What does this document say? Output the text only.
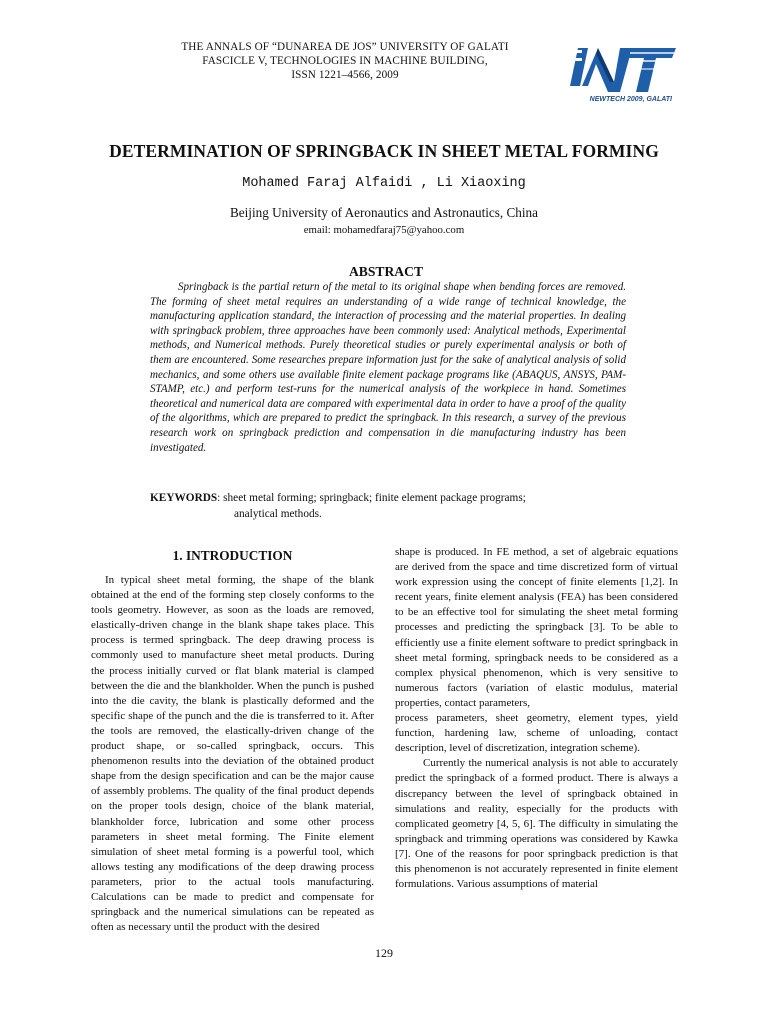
THE ANNALS OF “DUNAREA DE JOS” UNIVERSITY OF GALATI
FASCICLE V, TECHNOLOGIES IN MACHINE BUILDING,
ISSN 1221–4566, 2009
NEWTECH 2009, GALATI
DETERMINATION OF SPRINGBACK IN SHEET METAL FORMING
Mohamed Faraj Alfaidi , Li Xiaoxing
Beijing University of Aeronautics and Astronautics, China
email: mohamedfaraj75@yahoo.com
ABSTRACT
Springback is the partial return of the metal to its original shape when bending forces are removed. The forming of sheet metal requires an understanding of a wide range of technical knowledge, the manufacturing application standard, the interaction of processing and the material properties. In dealing with springback problem, three approaches have been commonly used: Analytical methods, Experimental methods, and Numerical methods. Purely theoretical studies or purely experimental analysis or both of them are encountered. Some researches prepare information just for the sake of analytical analysis of solid mechanics, and some others use available finite element package programs like (ABAQUS, ANSYS, PAM-STAMP, etc.) and perform test-runs for the numerical analysis of the workpiece in hand. Sometimes theoretical and numerical data are compared with experimental data in order to have a proof of the quality of the algorithms, which are prepared to predict the springback. In this research, a survey of the previous research work on springback prediction and compensation in die manufacturing industry has been investigated.
KEYWORDS: sheet metal forming; springback; finite element package programs;
analytical methods.
1. INTRODUCTION

In typical sheet metal forming, the shape of the blank obtained at the end of the forming step closely conforms to the tools geometry. However, as soon as the loads are removed, elastically-driven change in the blank shape takes place. This process is termed springback. The deep drawing process is commonly used to manufacture sheet metal products. During the process initially curved or flat blank material is clamped between the die and the blankholder. When the punch is pushed into the die cavity, the blank is plastically deformed and the specific shape of the punch and the die is transferred to it. After the tools are removed, the elastically-driven change of the product shape, or so-called springback, occurs. This phenomenon results into the deviation of the obtained product shape from the design specification and can be the major cause of assembly problems. The quality of the final product depends on the proper tools design, choice of the blank material, blankholder force, lubrication and some other process parameters in sheet metal forming. The Finite element simulation of sheet metal forming is a powerful tool, which allows testing any modifications of the deep drawing process parameters, prior to the actual tools manufacturing. Calculations can be made to predict and compensate for springback and the numerical simulations can be repeated as often as necessary until the product with the desired

shape is produced. In FE method, a set of algebraic equations are derived from the space and time discretized form of virtual work expression using the concept of finite elements [1,2]. In recent years, finite element analysis (FEA) has been considered to be an effective tool for simulating the sheet metal forming processes and predicting the springback [3]. To be able to efficiently use a finite element software to predict springback in sheet metal forming, springback needs to be considered as a complex physical phenomenon, which is very sensitive to numerous factors (variation of elastic modulus, material properties, contact parameters,

process parameters, sheet geometry, element types, yield function, hardening law, scheme of unloading, contact description, level of discretization, integration scheme).

Currently the numerical analysis is not able to accurately predict the springback of a formed product. There is always a discrepancy between the level of springback obtained in simulations and reality, especially for the products with complicated geometry [4, 5, 6]. The difficulty in simulating the springback and trimming operations was considered by Kawka [7]. One of the reasons for poor springback prediction is that this phenomenon is not accurately represented in finite element formulations. Various assumptions of material

129
